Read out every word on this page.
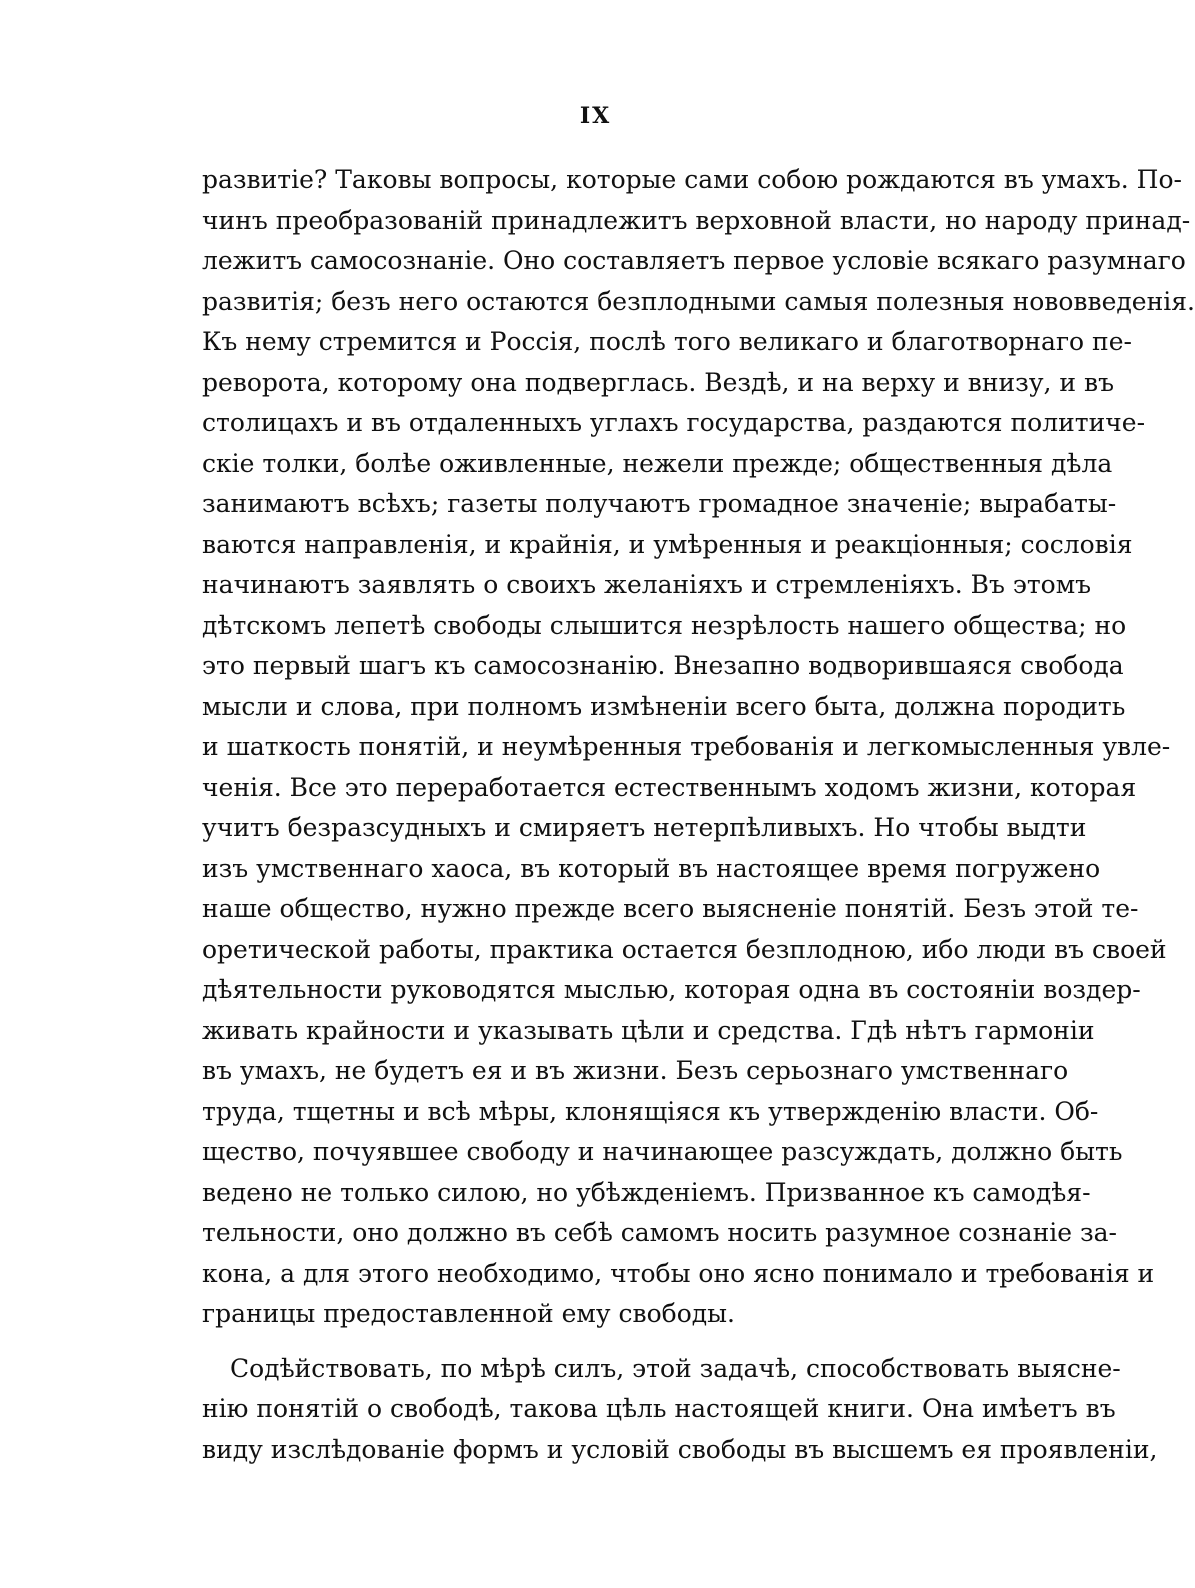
IX
развитіе? Таковы вопросы, которые сами собою рождаются въ умахъ. По-
чинъ преобразованій принадлежитъ верховной власти, но народу принад-
лежитъ самосознаніе. Оно составляетъ первое условіе всякаго разумнаго
развитія; безъ него остаются безплодными самыя полезныя нововведенія.
Къ нему стремится и Россія, послѣ того великаго и благотворнаго пе-
реворота, которому она подверглась. Вездѣ, и на верху и внизу, и въ
столицахъ и въ отдаленныхъ углахъ государства, раздаются политиче-
скіе толки, болѣе оживленные, нежели прежде; общественныя дѣла
занимаютъ всѣхъ; газеты получаютъ громадное значеніе; вырабаты-
ваются направленія, и крайнія, и умѣренныя и реакціонныя; сословія
начинаютъ заявлять о своихъ желаніяхъ и стремленіяхъ. Въ этомъ
дѣтскомъ лепетѣ свободы слышится незрѣлость нашего общества; но
это первый шагъ къ самосознанію. Внезапно водворившаяся свобода
мысли и слова, при полномъ измѣненіи всего быта, должна породить
и шаткость понятій, и неумѣренныя требованія и легкомысленныя увле-
ченія. Все это переработается естественнымъ ходомъ жизни, которая
учитъ безразсудныхъ и смиряетъ нетерпѣливыхъ. Но чтобы выдти
изъ умственнаго хаоса, въ который въ настоящее время погружено
наше общество, нужно прежде всего выясненіе понятій. Безъ этой те-
оретической работы, практика остается безплодною, ибо люди въ своей
дѣятельности руководятся мыслью, которая одна въ состояніи воздер-
живать крайности и указывать цѣли и средства. Гдѣ нѣтъ гармоніи
въ умахъ, не будетъ ея и въ жизни. Безъ серьознаго умственнаго
труда, тщетны и всѣ мѣры, клонящіяся къ утвержденію власти. Об-
щество, почуявшее свободу и начинающее разсуждать, должно быть
ведено не только силою, но убѣжденіемъ. Призванное къ самодѣя-
тельности, оно должно въ себѣ самомъ носить разумное сознаніе за-
кона, а для этого необходимо, чтобы оно ясно понимало и требованія и
границы предоставленной ему свободы.
Содѣйствовать, по мѣрѣ силъ, этой задачѣ, способствовать выясне-
нію понятій о свободѣ, такова цѣль настоящей книги. Она имѣетъ въ
виду изслѣдованіе формъ и условій свободы въ высшемъ ея проявленіи,
